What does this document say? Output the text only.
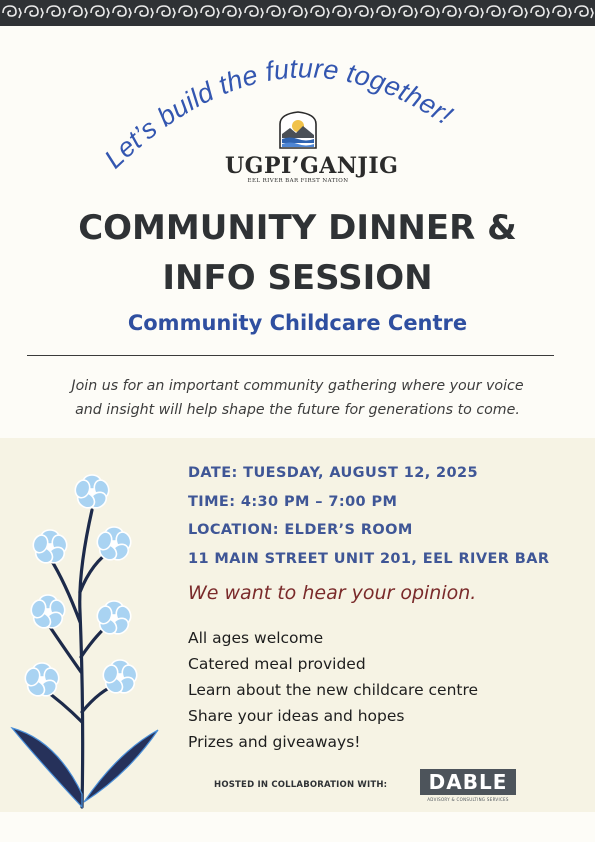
Let’s build the future together!
UGPI’GANJIG
EEL RIVER BAR FIRST NATION
COMMUNITY DINNER &
INFO SESSION
Community Childcare Centre
Join us for an important community gathering where your voice
and insight will help shape the future for generations to come.
DATE: TUESDAY, AUGUST 12, 2025
TIME: 4:30 PM – 7:00 PM
LOCATION: ELDER’S ROOM
11 MAIN STREET UNIT 201, EEL RIVER BAR
We want to hear your opinion.
All ages welcome
Catered meal provided
Learn about the new childcare centre
Share your ideas and hopes
Prizes and giveaways!
HOSTED IN COLLABORATION WITH:	DABLE
ADVISORY & CONSULTING SERVICES
